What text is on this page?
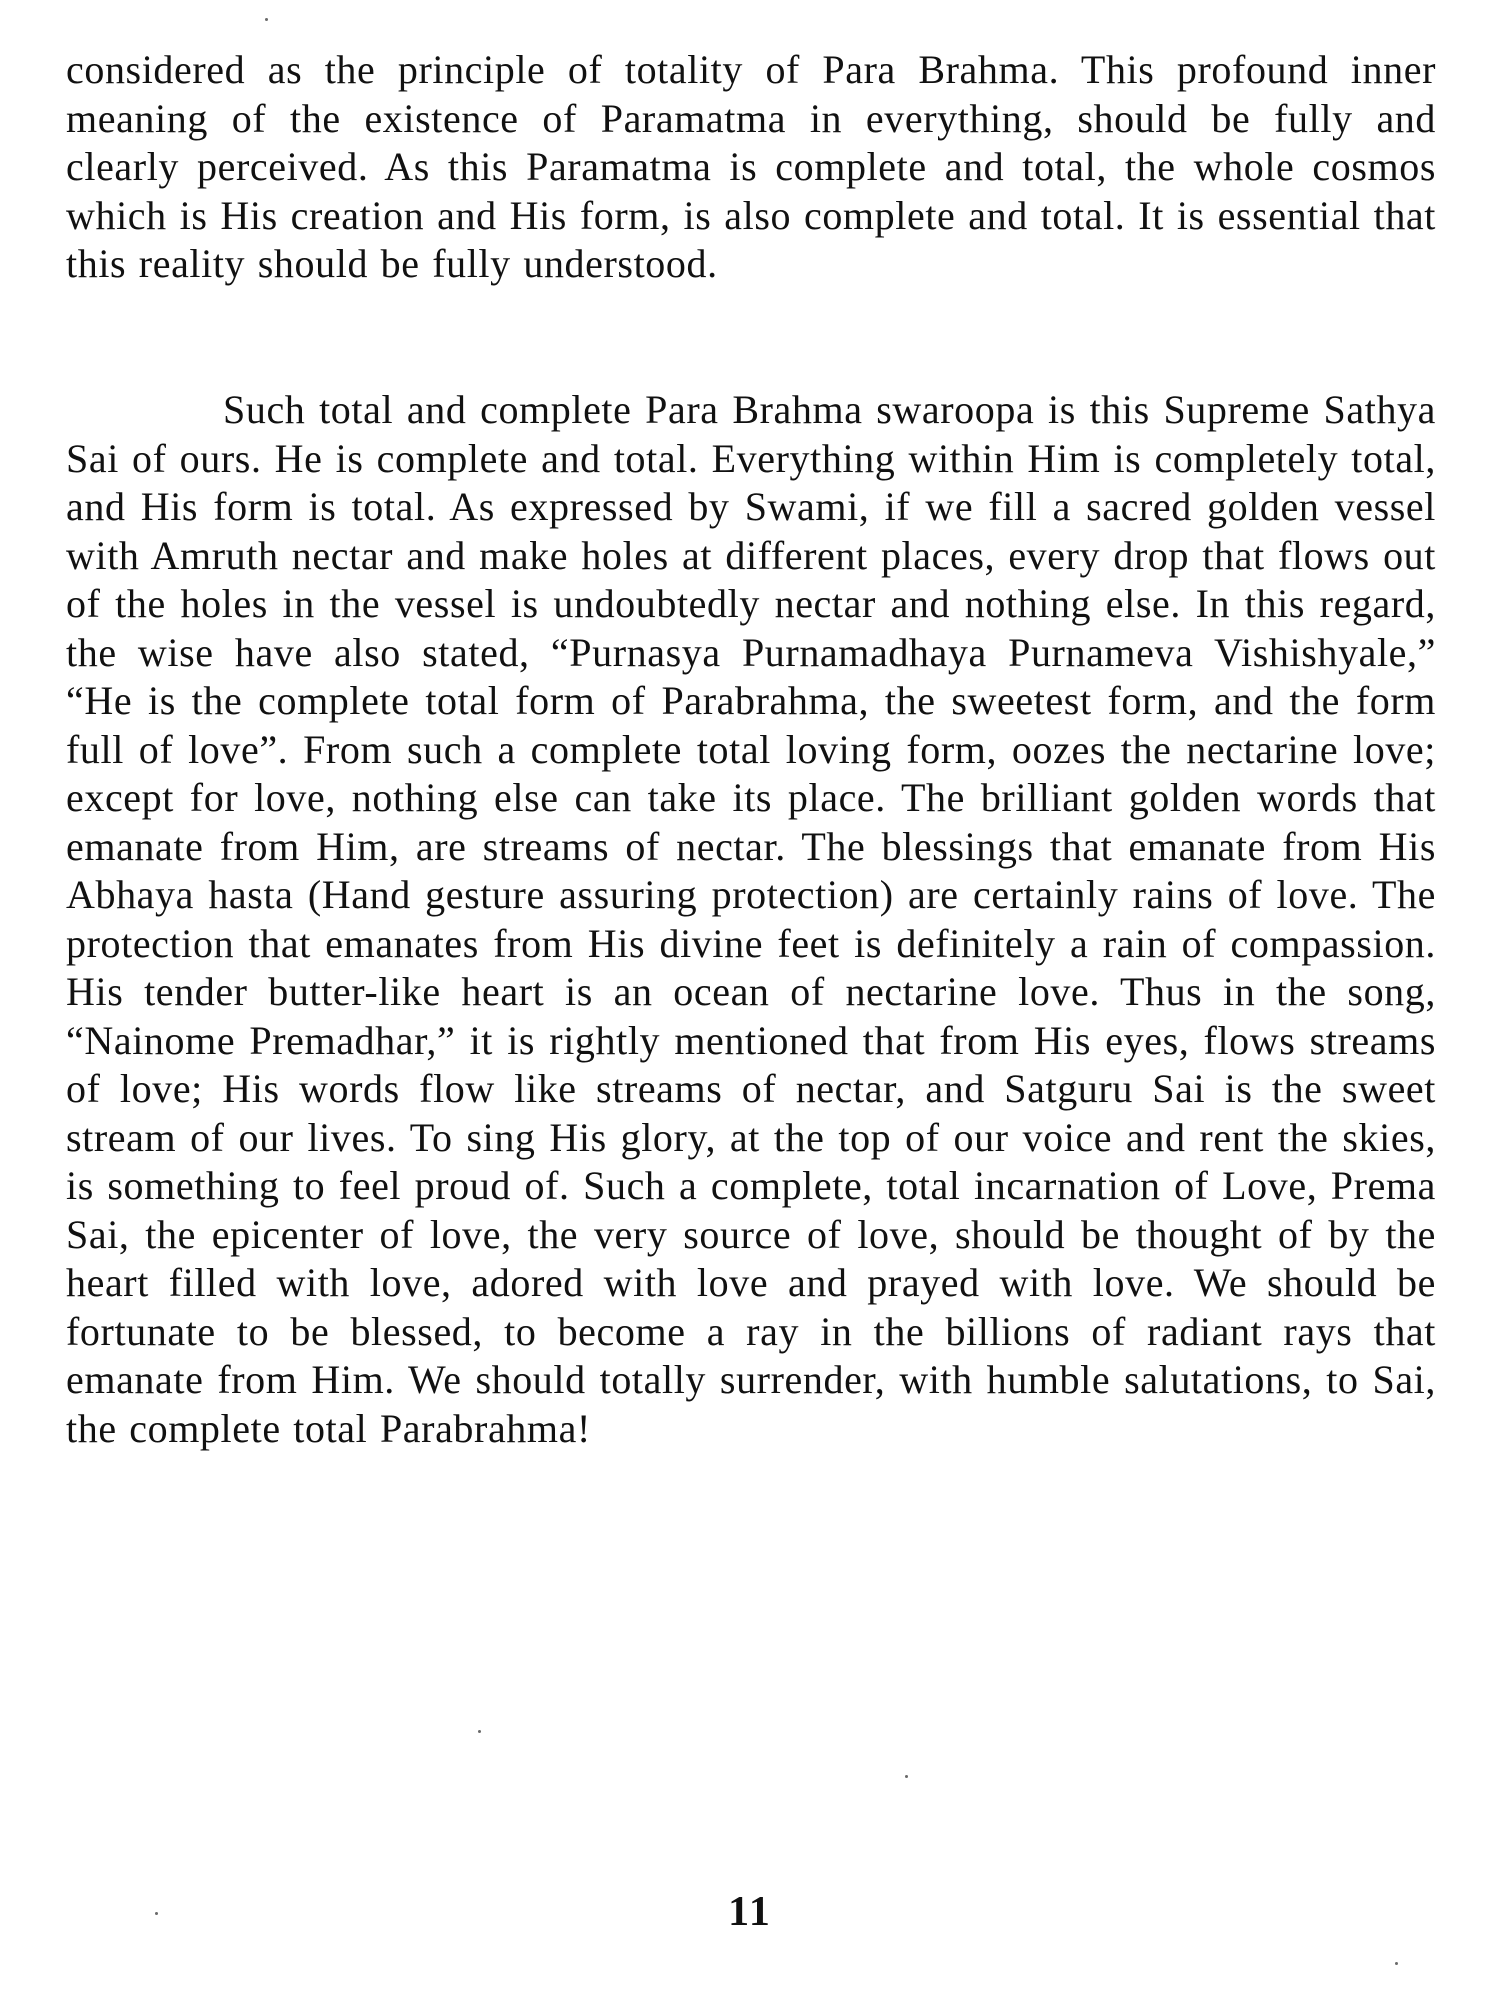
considered as the principle of totality of Para Brahma. This profound inner meaning of the existence of Paramatma in everything, should be fully and clearly perceived. As this Paramatma is complete and total, the whole cosmos which is His creation and His form, is also complete and total. It is essential that this reality should be fully understood.

Such total and complete Para Brahma swaroopa is this Supreme Sathya Sai of ours. He is complete and total. Everything within Him is completely total, and His form is total. As expressed by Swami, if we fill a sacred golden vessel with Amruth nectar and make holes at different places, every drop that flows out of the holes in the vessel is undoubtedly nectar and nothing else. In this regard, the wise have also stated, “Purnasya Purnamadhaya Purnameva Vishishyale,” “He is the complete total form of Parabrahma, the sweetest form, and the form full of love”. From such a complete total loving form, oozes the nectarine love; except for love, nothing else can take its place. The brilliant golden words that emanate from Him, are streams of nectar. The blessings that emanate from His Abhaya hasta (Hand gesture assuring protection) are certainly rains of love. The protection that emanates from His divine feet is definitely a rain of compassion. His tender butter-like heart is an ocean of nectarine love. Thus in the song, “Nainome Premadhar,” it is rightly mentioned that from His eyes, flows streams of love; His words flow like streams of nectar, and Satguru Sai is the sweet stream of our lives. To sing His glory, at the top of our voice and rent the skies, is something to feel proud of. Such a complete, total incarnation of Love, Prema Sai, the epicenter of love, the very source of love, should be thought of by the heart filled with love, adored with love and prayed with love. We should be fortunate to be blessed, to become a ray in the billions of radiant rays that emanate from Him. We should totally surrender, with humble salutations, to Sai, the complete total Parabrahma!

11
